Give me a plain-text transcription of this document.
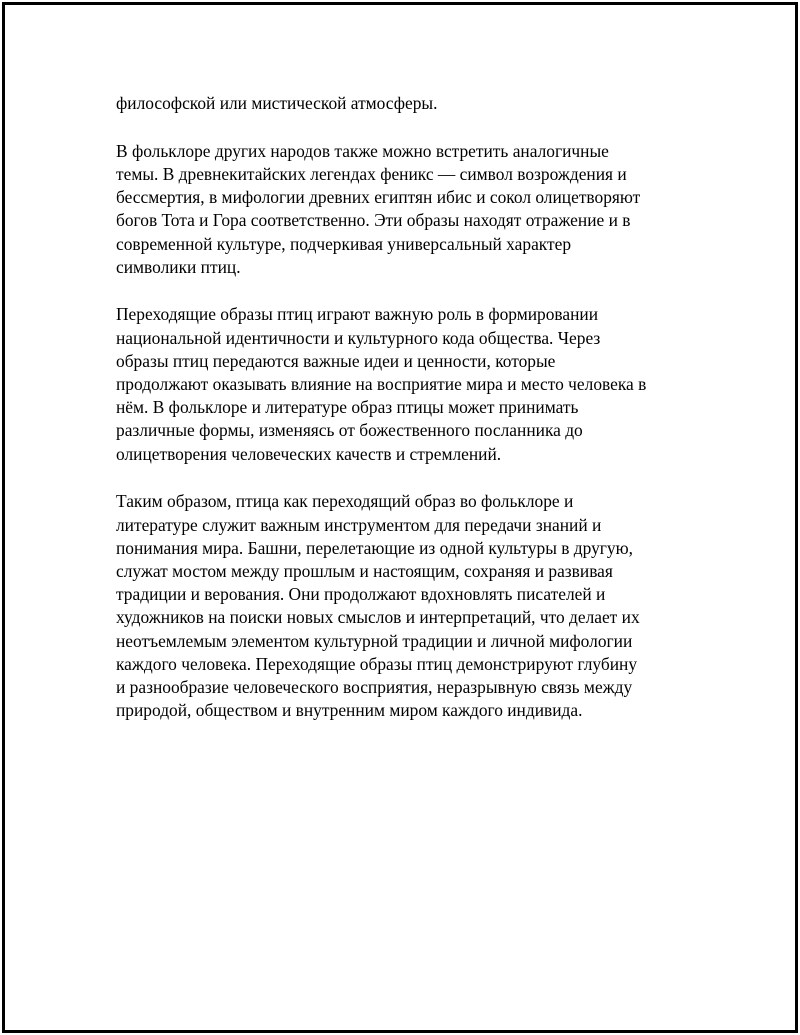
философской или мистической атмосферы.

В фольклоре других народов также можно встретить аналогичные
темы. В древнекитайских легендах феникс — символ возрождения и
бессмертия, в мифологии древних египтян ибис и сокол олицетворяют
богов Тота и Гора соответственно. Эти образы находят отражение и в
современной культуре, подчеркивая универсальный характер
символики птиц.

Переходящие образы птиц играют важную роль в формировании
национальной идентичности и культурного кода общества. Через
образы птиц передаются важные идеи и ценности, которые
продолжают оказывать влияние на восприятие мира и место человека в
нём. В фольклоре и литературе образ птицы может принимать
различные формы, изменяясь от божественного посланника до
олицетворения человеческих качеств и стремлений.

Таким образом, птица как переходящий образ во фольклоре и
литературе служит важным инструментом для передачи знаний и
понимания мира. Башни, перелетающие из одной культуры в другую,
служат мостом между прошлым и настоящим, сохраняя и развивая
традиции и верования. Они продолжают вдохновлять писателей и
художников на поиски новых смыслов и интерпретаций, что делает их
неотъемлемым элементом культурной традиции и личной мифологии
каждого человека. Переходящие образы птиц демонстрируют глубину
и разнообразие человеческого восприятия, неразрывную связь между
природой, обществом и внутренним миром каждого индивида.
